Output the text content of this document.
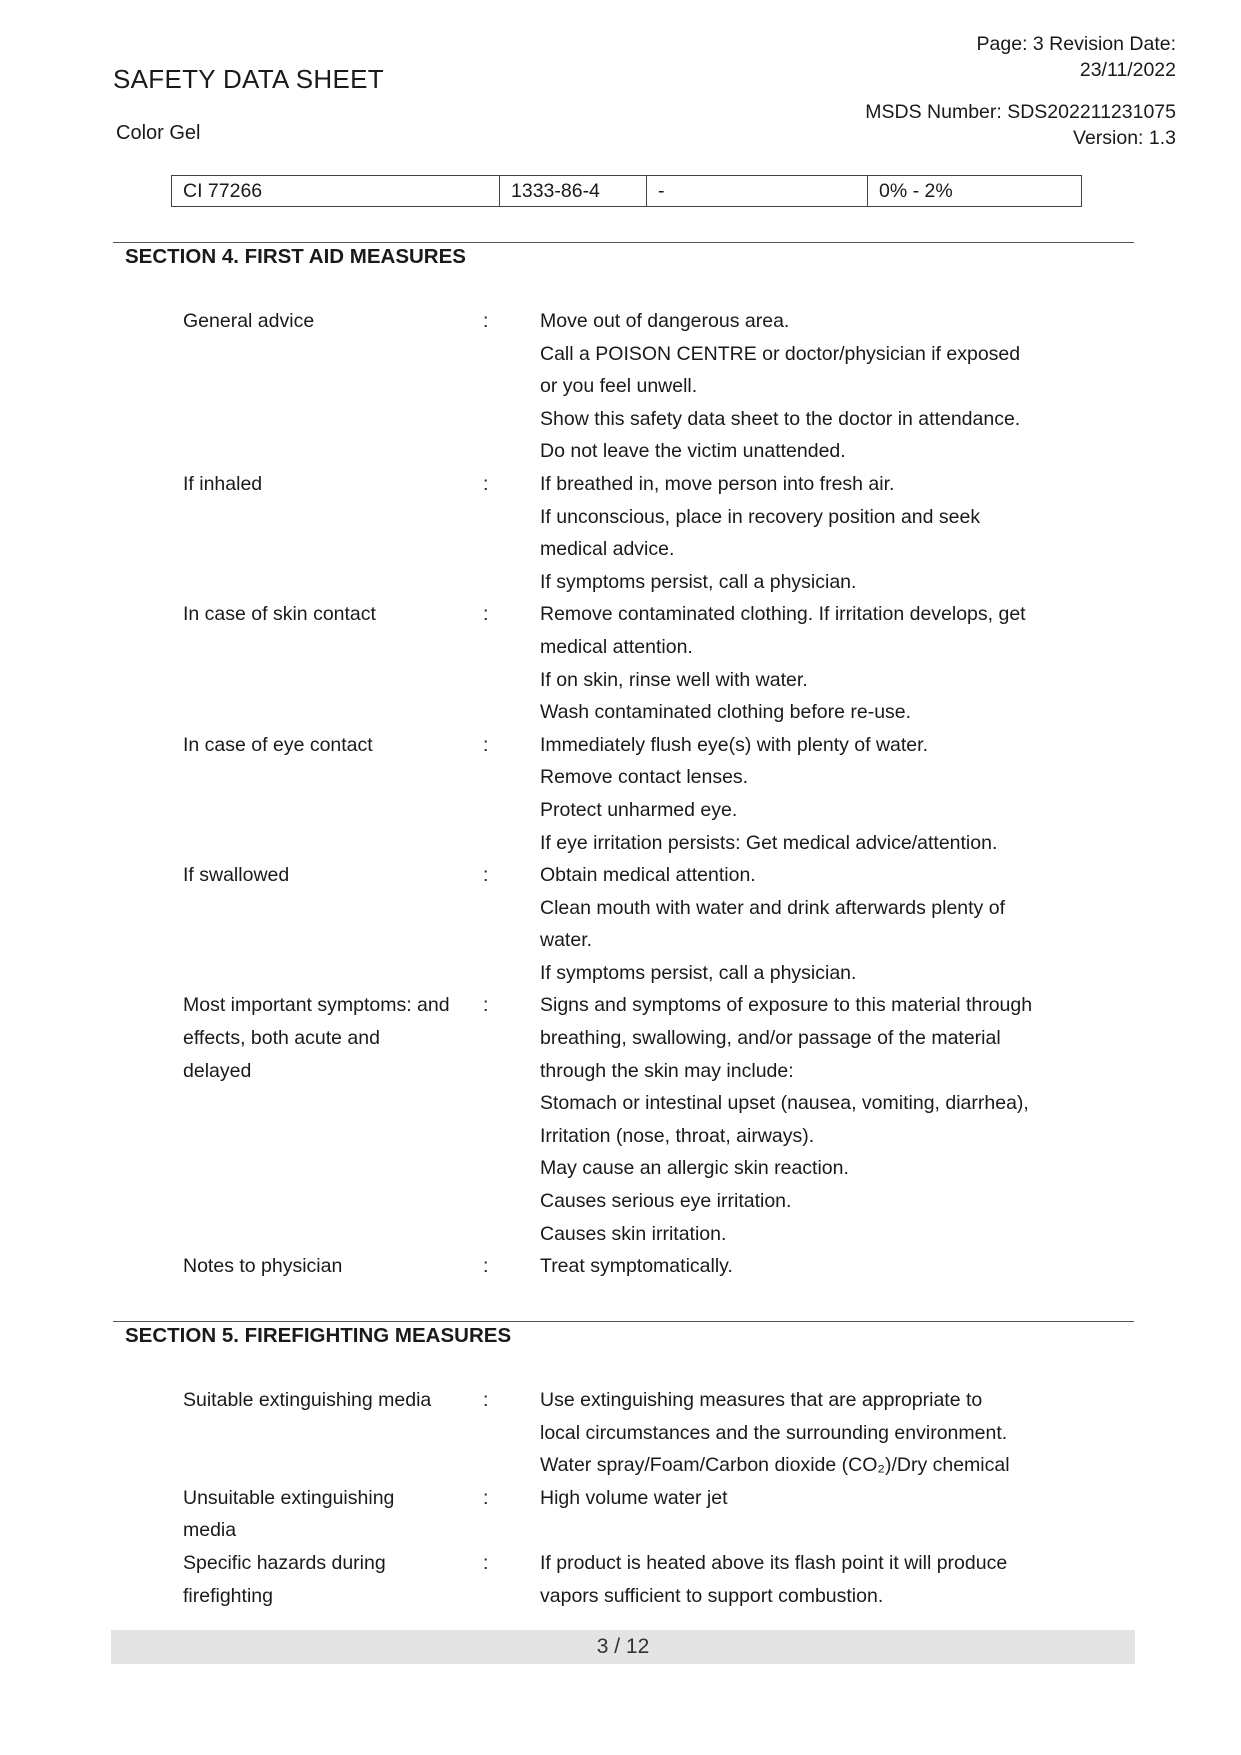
SAFETY DATA SHEET
Color Gel
Page: 3 Revision Date:
23/11/2022
MSDS Number: SDS202211231075
Version: 1.3
CI 77266	1333-86-4	-	0% - 2%
SECTION 4. FIRST AID MEASURES
General advice	:	Move out of dangerous area.
Call a POISON CENTRE or doctor/physician if exposed
or you feel unwell.
Show this safety data sheet to the doctor in attendance.
Do not leave the victim unattended.
If inhaled	:	If breathed in, move person into fresh air.
If unconscious, place in recovery position and seek
medical advice.
If symptoms persist, call a physician.
In case of skin contact	:	Remove contaminated clothing. If irritation develops, get
medical attention.
If on skin, rinse well with water.
Wash contaminated clothing before re-use.
In case of eye contact	:	Immediately flush eye(s) with plenty of water.
Remove contact lenses.
Protect unharmed eye.
If eye irritation persists: Get medical advice/attention.
If swallowed	:	Obtain medical attention.
Clean mouth with water and drink afterwards plenty of
water.
If symptoms persist, call a physician.
Most important symptoms: and
effects, both acute and
delayed
:	Signs and symptoms of exposure to this material through
breathing, swallowing, and/or passage of the material
through the skin may include:
Stomach or intestinal upset (nausea, vomiting, diarrhea),
Irritation (nose, throat, airways).
May cause an allergic skin reaction.
Causes serious eye irritation.
Causes skin irritation.
Notes to physician	:	Treat symptomatically.
SECTION 5. FIREFIGHTING MEASURES
Suitable extinguishing media	:	Use extinguishing measures that are appropriate to
local circumstances and the surrounding environment.
Water spray/Foam/Carbon dioxide (CO₂)/Dry chemical
Unsuitable extinguishing
media
:	High volume water jet
Specific hazards during
firefighting
:	If product is heated above its flash point it will produce
vapors sufficient to support combustion.
3 / 12
